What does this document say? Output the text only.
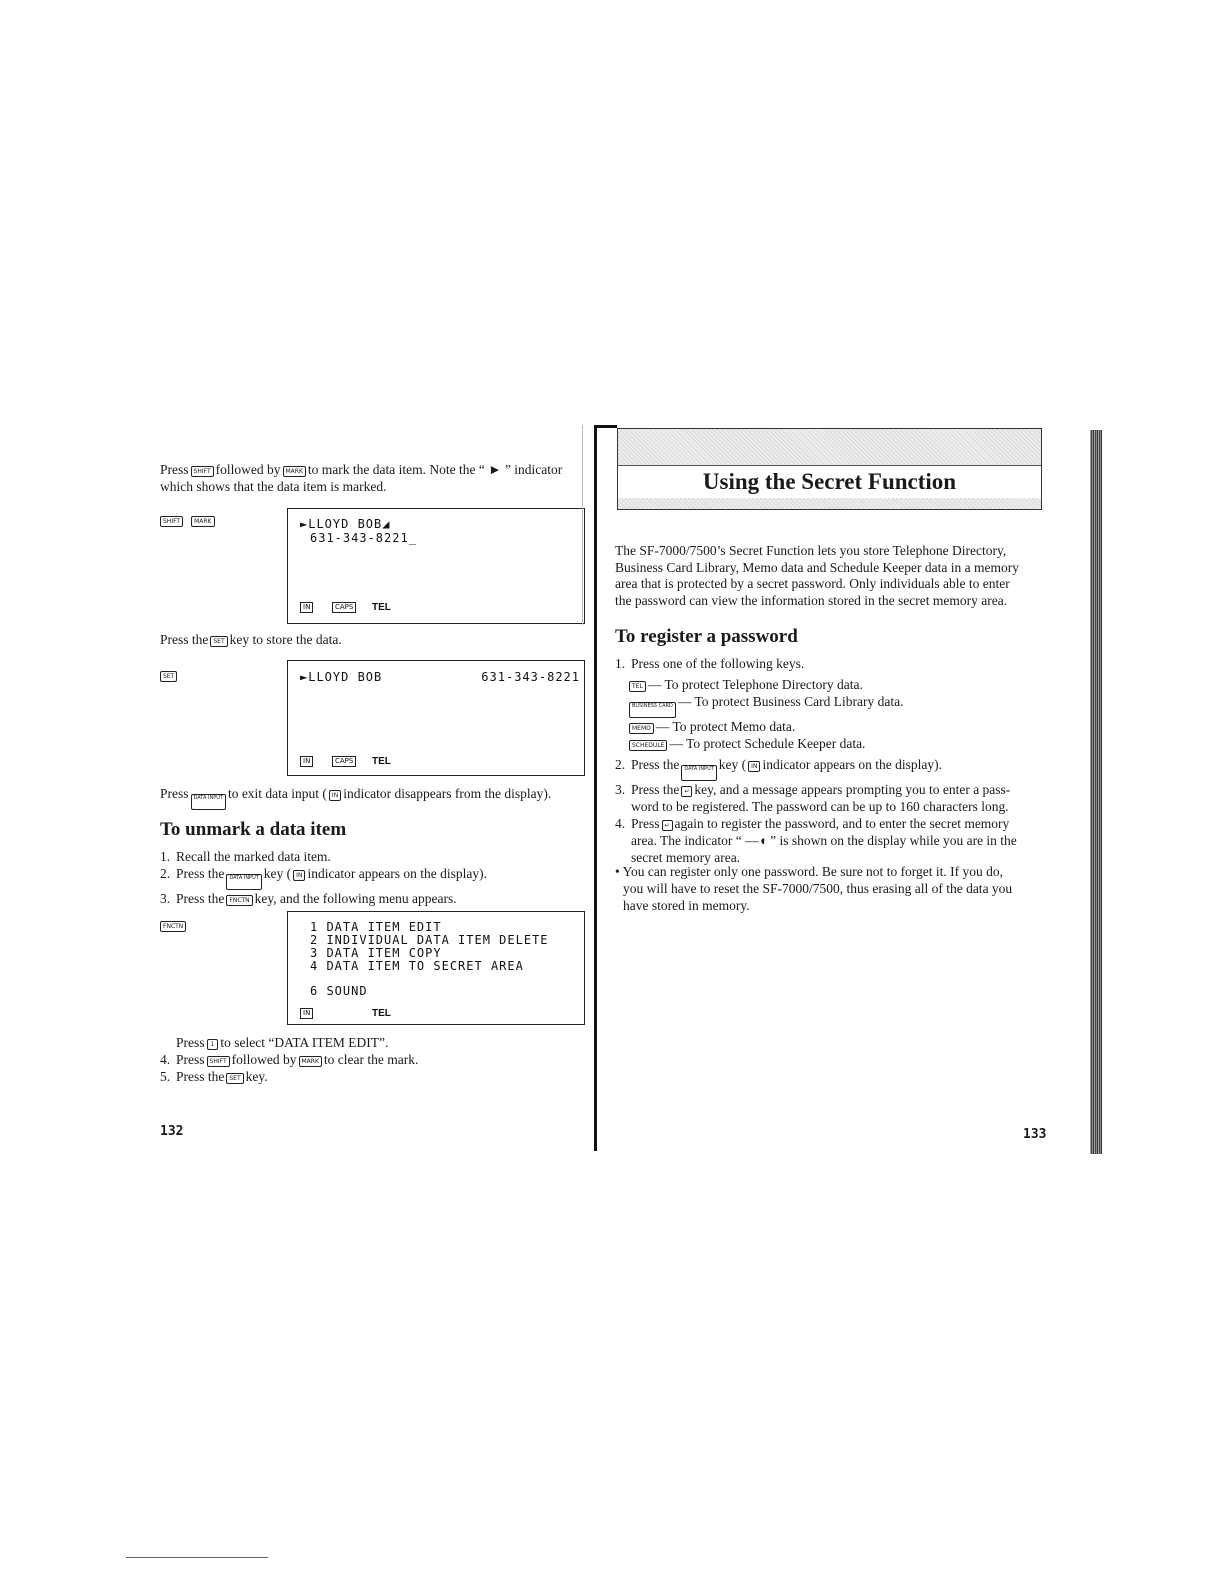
Press SHIFT followed by MARK to mark the data item. Note the “ ► ” indicator

which shows that the data item is marked.

SHIFT MARK	►LLOYD BOB◢
631-343-8221_
IN	CAPS	TEL

Press the SET key to store the data.

SET	►LLOYD BOB	631-343-8221
IN	CAPS	TEL

Press DATA INPUT to exit data input ( IN indicator disappears from the display).

To unmark a data item
1. Recall the marked data item.
2. Press the DATA INPUT key ( IN indicator appears on the display).
3. Press the FNCTN key, and the following menu appears.
FNCTN	1 DATA ITEM EDIT
2 INDIVIDUAL DATA ITEM DELETE
3 DATA ITEM COPY
4 DATA ITEM TO SECRET AREA
6 SOUND
IN	TEL

Press 1 to select “DATA ITEM EDIT”.

4. Press SHIFT followed by MARK to clear the mark.
5. Press the SET key.
132
Using the Secret Function

The SF-7000/7500’s Secret Function lets you store Telephone Directory,

Business Card Library, Memo data and Schedule Keeper data in a memory

area that is protected by a secret password. Only individuals able to enter

the password can view the information stored in the secret memory area.

To register a password
1. Press one of the following keys.
TEL — To protect Telephone Directory data.
BUSINESS CARD — To protect Business Card Library data.
MEMO — To protect Memo data.
SCHEDULE — To protect Schedule Keeper data.
2. Press the DATA INPUT key ( IN indicator appears on the display).
3. Press the ↵ key, and a message appears prompting you to enter a pass-
word to be registered. The password can be up to 160 characters long.
4. Press ↵ again to register the password, and to enter the secret memory
area. The indicator “ —◖ ” is shown on the display while you are in the
secret memory area.

• You can register only one password. Be sure not to forget it. If you do,

you will have to reset the SF-7000/7500, thus erasing all of the data you

have stored in memory.

133
